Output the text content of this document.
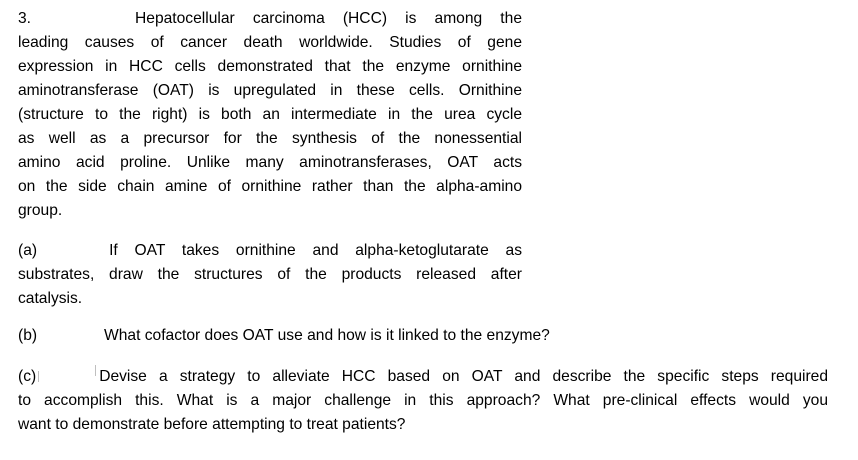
3.	Hepatocellular carcinoma (HCC) is among the
leading causes of cancer death worldwide. Studies of gene
expression in HCC cells demonstrated that the enzyme ornithine
aminotransferase (OAT) is upregulated in these cells. Ornithine
(structure to the right) is both an intermediate in the urea cycle
as well as a precursor for the synthesis of the nonessential
amino acid proline. Unlike many aminotransferases, OAT acts
on the side chain amine of ornithine rather than the alpha-amino
group.
(a)	If OAT takes ornithine and alpha-ketoglutarate as
substrates, draw the structures of the products released after
catalysis.
(b)	What cofactor does OAT use and how is it linked to the enzyme?
(c)	Devise a strategy to alleviate HCC based on OAT and describe the specific steps required
to accomplish this. What is a major challenge in this approach? What pre-clinical effects would you
want to demonstrate before attempting to treat patients?
